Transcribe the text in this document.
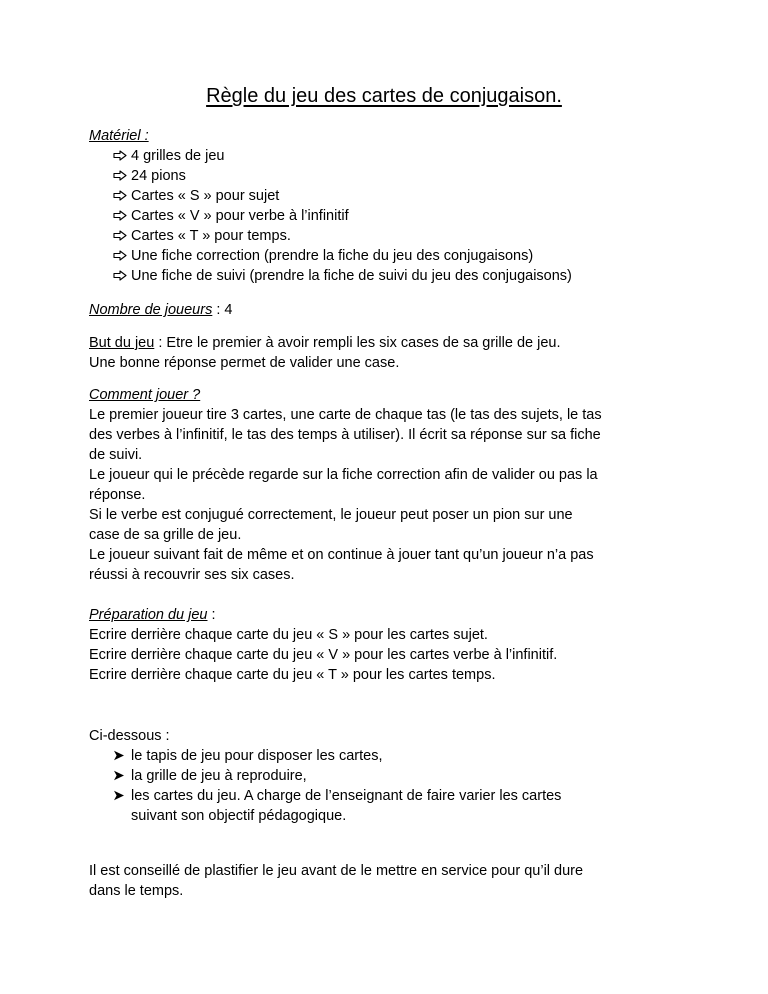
Règle du jeu des cartes de conjugaison.

Matériel :

4 grilles de jeu
24 pions
Cartes « S » pour sujet
Cartes « V » pour verbe à l’infinitif
Cartes « T » pour temps.
Une fiche correction (prendre la fiche du jeu des conjugaisons)
Une fiche de suivi (prendre la fiche de suivi du jeu des conjugaisons)

Nombre de joueurs : 4

But du jeu : Etre le premier à avoir rempli les six cases de sa grille de jeu.

Une bonne réponse permet de valider une case.

Comment jouer ?

Le premier joueur tire 3 cartes, une carte de chaque tas (le tas des sujets, le tas

des verbes à l’infinitif, le tas des temps à utiliser). Il écrit sa réponse sur sa fiche

de suivi.

Le joueur qui le précède regarde sur la fiche correction afin de valider ou pas la

réponse.

Si le verbe est conjugué correctement, le joueur peut poser un pion sur une

case de sa grille de jeu.

Le joueur suivant fait de même et on continue à jouer tant qu’un joueur n’a pas

réussi à recouvrir ses six cases.

Préparation du jeu :

Ecrire derrière chaque carte du jeu « S » pour les cartes sujet.

Ecrire derrière chaque carte du jeu « V » pour les cartes verbe à l’infinitif.

Ecrire derrière chaque carte du jeu « T » pour les cartes temps.

Ci-dessous :

le tapis de jeu pour disposer les cartes,
la grille de jeu à reproduire,
les cartes du jeu. A charge de l’enseignant de faire varier les cartes

suivant son objectif pédagogique.

Il est conseillé de plastifier le jeu avant de le mettre en service pour qu’il dure

dans le temps.
